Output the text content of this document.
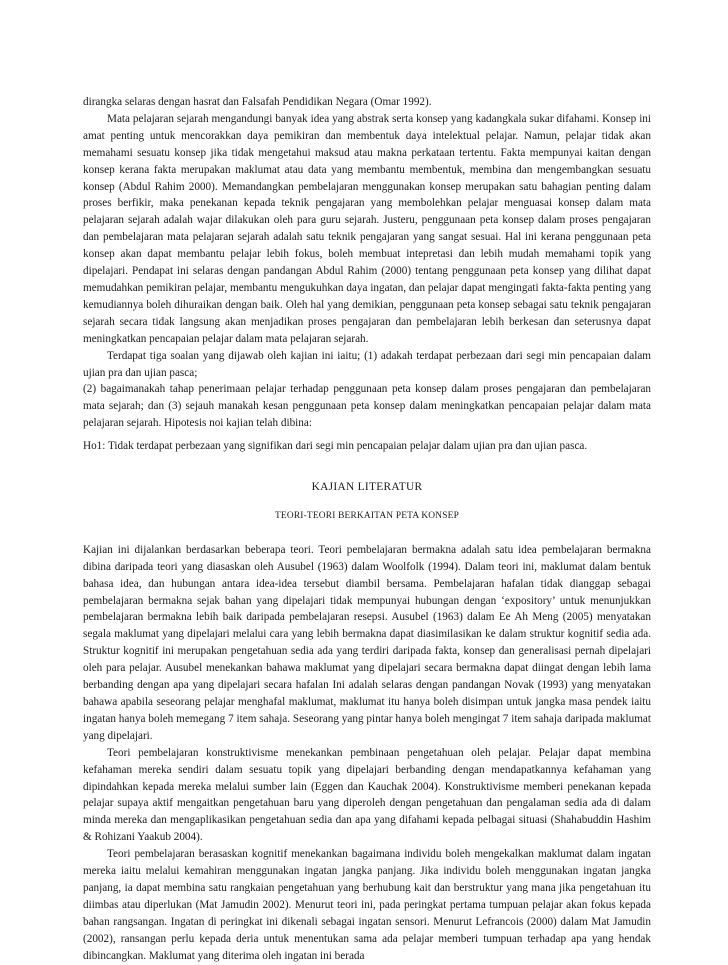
dirangka selaras dengan hasrat dan Falsafah Pendidikan Negara (Omar 1992).

Mata pelajaran sejarah mengandungi banyak idea yang abstrak serta konsep yang kadangkala sukar difahami. Konsep ini amat penting untuk mencorakkan daya pemikiran dan membentuk daya intelektual pelajar. Namun, pelajar tidak akan memahami sesuatu konsep jika tidak mengetahui maksud atau makna perkataan tertentu. Fakta mempunyai kaitan dengan konsep kerana fakta merupakan maklumat atau data yang membantu membentuk, membina dan mengembangkan sesuatu konsep (Abdul Rahim 2000). Memandangkan pembelajaran menggunakan konsep merupakan satu bahagian penting dalam proses berfikir, maka penekanan kepada teknik pengajaran yang membolehkan pelajar menguasai konsep dalam mata pelajaran sejarah adalah wajar dilakukan oleh para guru sejarah. Justeru, penggunaan peta konsep dalam proses pengajaran dan pembelajaran mata pelajaran sejarah adalah satu teknik pengajaran yang sangat sesuai. Hal ini kerana penggunaan peta konsep akan dapat membantu pelajar lebih fokus, boleh membuat intepretasi dan lebih mudah memahami topik yang dipelajari. Pendapat ini selaras dengan pandangan Abdul Rahim (2000) tentang penggunaan peta konsep yang dilihat dapat memudahkan pemikiran pelajar, membantu mengukuhkan daya ingatan, dan pelajar dapat mengingati fakta-fakta penting yang kemudiannya boleh dihuraikan dengan baik. Oleh hal yang demikian, penggunaan peta konsep sebagai satu teknik pengajaran sejarah secara tidak langsung akan menjadikan proses pengajaran dan pembelajaran lebih berkesan dan seterusnya dapat meningkatkan pencapaian pelajar dalam mata pelajaran sejarah.

Terdapat tiga soalan yang dijawab oleh kajian ini iaitu; (1) adakah terdapat perbezaan dari segi min pencapaian dalam ujian pra dan ujian pasca;

(2) bagaimanakah tahap penerimaan pelajar terhadap penggunaan peta konsep dalam proses pengajaran dan pembelajaran mata sejarah; dan (3) sejauh manakah kesan penggunaan peta konsep dalam meningkatkan pencapaian pelajar dalam mata pelajaran sejarah. Hipotesis noi kajian telah dibina:

Ho1: Tidak terdapat perbezaan yang signifikan dari segi min pencapaian pelajar dalam ujian pra dan ujian pasca.

KAJIAN LITERATUR

TEORI-TEORI BERKAITAN PETA KONSEP

Kajian ini dijalankan berdasarkan beberapa teori. Teori pembelajaran bermakna adalah satu idea pembelajaran bermakna dibina daripada teori yang diasaskan oleh Ausubel (1963) dalam Woolfolk (1994). Dalam teori ini, maklumat dalam bentuk bahasa idea, dan hubungan antara idea-idea tersebut diambil bersama. Pembelajaran hafalan tidak dianggap sebagai pembelajaran bermakna sejak bahan yang dipelajari tidak mempunyai hubungan dengan ‘expository’ untuk menunjukkan pembelajaran bermakna lebih baik daripada pembelajaran resepsi. Ausubel (1963) dalam Ee Ah Meng (2005) menyatakan segala maklumat yang dipelajari melalui cara yang lebih bermakna dapat diasimilasikan ke dalam struktur kognitif sedia ada. Struktur kognitif ini merupakan pengetahuan sedia ada yang terdiri daripada fakta, konsep dan generalisasi pernah dipelajari oleh para pelajar. Ausubel menekankan bahawa maklumat yang dipelajari secara bermakna dapat diingat dengan lebih lama berbanding dengan apa yang dipelajari secara hafalan Ini adalah selaras dengan pandangan Novak (1993) yang menyatakan bahawa apabila seseorang pelajar menghafal maklumat, maklumat itu hanya boleh disimpan untuk jangka masa pendek iaitu ingatan hanya boleh memegang 7 item sahaja. Seseorang yang pintar hanya boleh mengingat 7 item sahaja daripada maklumat yang dipelajari.

Teori pembelajaran konstruktivisme menekankan pembinaan pengetahuan oleh pelajar. Pelajar dapat membina kefahaman mereka sendiri dalam sesuatu topik yang dipelajari berbanding dengan mendapatkannya kefahaman yang dipindahkan kepada mereka melalui sumber lain (Eggen dan Kauchak 2004). Konstruktivisme memberi penekanan kepada pelajar supaya aktif mengaitkan pengetahuan baru yang diperoleh dengan pengetahuan dan pengalaman sedia ada di dalam minda mereka dan mengaplikasikan pengetahuan sedia dan apa yang difahami kepada pelbagai situasi (Shahabuddin Hashim & Rohizani Yaakub 2004).

Teori pembelajaran berasaskan kognitif menekankan bagaimana individu boleh mengekalkan maklumat dalam ingatan mereka iaitu melalui kemahiran menggunakan ingatan jangka panjang. Jika individu boleh menggunakan ingatan jangka panjang, ia dapat membina satu rangkaian pengetahuan yang berhubung kait dan berstruktur yang mana jika pengetahuan itu diimbas atau diperlukan (Mat Jamudin 2002). Menurut teori ini, pada peringkat pertama tumpuan pelajar akan fokus kepada bahan rangsangan. Ingatan di peringkat ini dikenali sebagai ingatan sensori. Menurut Lefrancois (2000) dalam Mat Jamudin (2002), ransangan perlu kepada deria untuk menentukan sama ada pelajar memberi tumpuan terhadap apa yang hendak dibincangkan. Maklumat yang diterima oleh ingatan ini berada
